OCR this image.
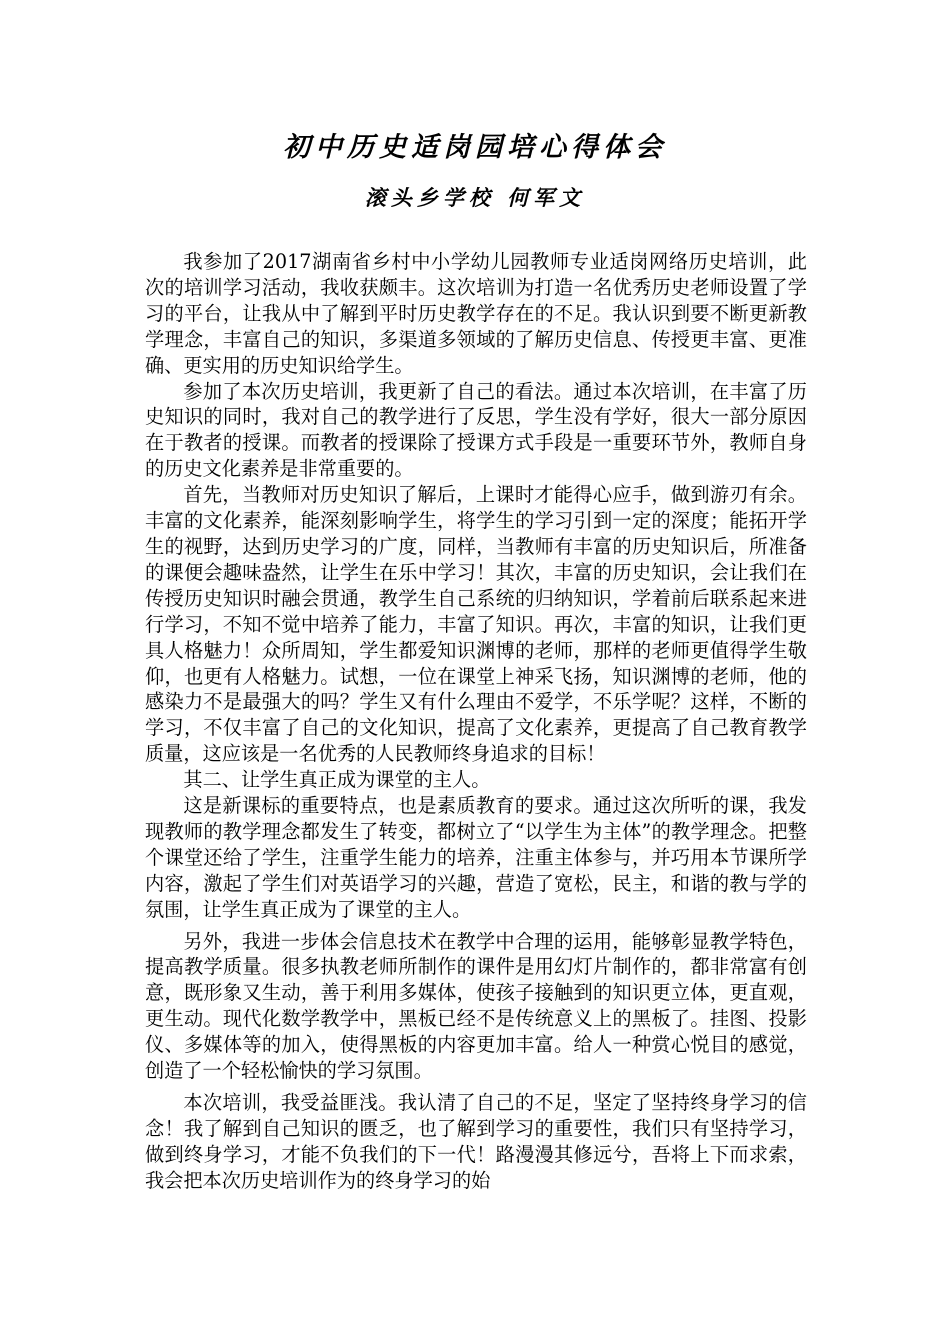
初中历史适岗园培心得体会
滚头乡学校 何军文

我参加了2017湖南省乡村中小学幼儿园教师专业适岗网络历史培训，此次的培训学习活动，我收获颇丰。这次培训为打造一名优秀历史老师设置了学习的平台，让我从中了解到平时历史教学存在的不足。我认识到要不断更新教学理念，丰富自己的知识，多渠道多领域的了解历史信息、传授更丰富、更准确、更实用的历史知识给学生。

参加了本次历史培训，我更新了自己的看法。通过本次培训，在丰富了历史知识的同时，我对自己的教学进行了反思，学生没有学好，很大一部分原因在于教者的授课。而教者的授课除了授课方式手段是一重要环节外，教师自身的历史文化素养是非常重要的。

首先，当教师对历史知识了解后，上课时才能得心应手，做到游刃有余。丰富的文化素养，能深刻影响学生，将学生的学习引到一定的深度；能拓开学生的视野，达到历史学习的广度，同样，当教师有丰富的历史知识后，所准备的课便会趣味盎然，让学生在乐中学习！其次，丰富的历史知识，会让我们在传授历史知识时融会贯通，教学生自己系统的归纳知识，学着前后联系起来进行学习，不知不觉中培养了能力，丰富了知识。再次，丰富的知识，让我们更具人格魅力！众所周知，学生都爱知识渊博的老师，那样的老师更值得学生敬仰，也更有人格魅力。试想，一位在课堂上神采飞扬，知识渊博的老师，他的感染力不是最强大的吗？学生又有什么理由不爱学，不乐学呢？这样，不断的学习，不仅丰富了自己的文化知识，提高了文化素养，更提高了自己教育教学质量，这应该是一名优秀的人民教师终身追求的目标！

其二、让学生真正成为课堂的主人。

这是新课标的重要特点，也是素质教育的要求。通过这次所听的课，我发现教师的教学理念都发生了转变，都树立了“以学生为主体”的教学理念。把整个课堂还给了学生，注重学生能力的培养，注重主体参与，并巧用本节课所学内容，激起了学生们对英语学习的兴趣，营造了宽松，民主，和谐的教与学的氛围，让学生真正成为了课堂的主人。

另外，我进一步体会信息技术在教学中合理的运用，能够彰显教学特色，提高教学质量。很多执教老师所制作的课件是用幻灯片制作的，都非常富有创意，既形象又生动，善于利用多媒体，使孩子接触到的知识更立体，更直观，更生动。现代化数学教学中，黑板已经不是传统意义上的黑板了。挂图、投影仪、多媒体等的加入，使得黑板的内容更加丰富。给人一种赏心悦目的感觉，创造了一个轻松愉快的学习氛围。

本次培训，我受益匪浅。我认清了自己的不足，坚定了坚持终身学习的信念！我了解到自己知识的匮乏，也了解到学习的重要性，我们只有坚持学习，做到终身学习，才能不负我们的下一代！路漫漫其修远兮，吾将上下而求索，我会把本次历史培训作为的终身学习的始
